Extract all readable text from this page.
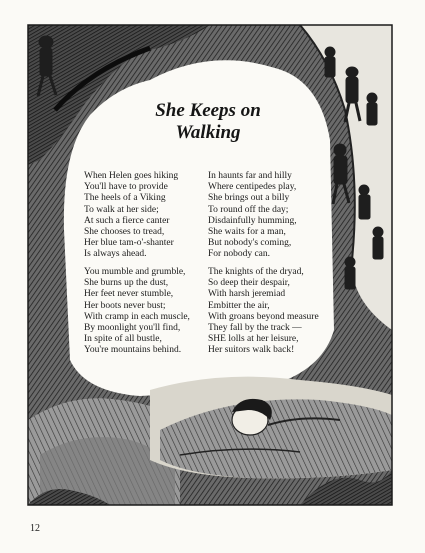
She Keeps on
Walking
When Helen goes hiking
You'll have to provide
The heels of a Viking
To walk at her side;
At such a fierce canter
She chooses to tread,
Her blue tam-o'-shanter
Is always ahead.
You mumble and grumble,
She burns up the dust,
Her feet never stumble,
Her boots never bust;
With cramp in each muscle,
By moonlight you'll find,
In spite of all bustle,
You're mountains behind.
In haunts far and hilly
Where centipedes play,
She brings out a billy
To round off the day;
Disdainfully humming,
She waits for a man,
But nobody's coming,
For nobody can.
The knights of the dryad,
So deep their despair,
With harsh jeremiad
Embitter the air,
With groans beyond measure
They fall by the track —
SHE lolls at her leisure,
Her suitors walk back!
12
